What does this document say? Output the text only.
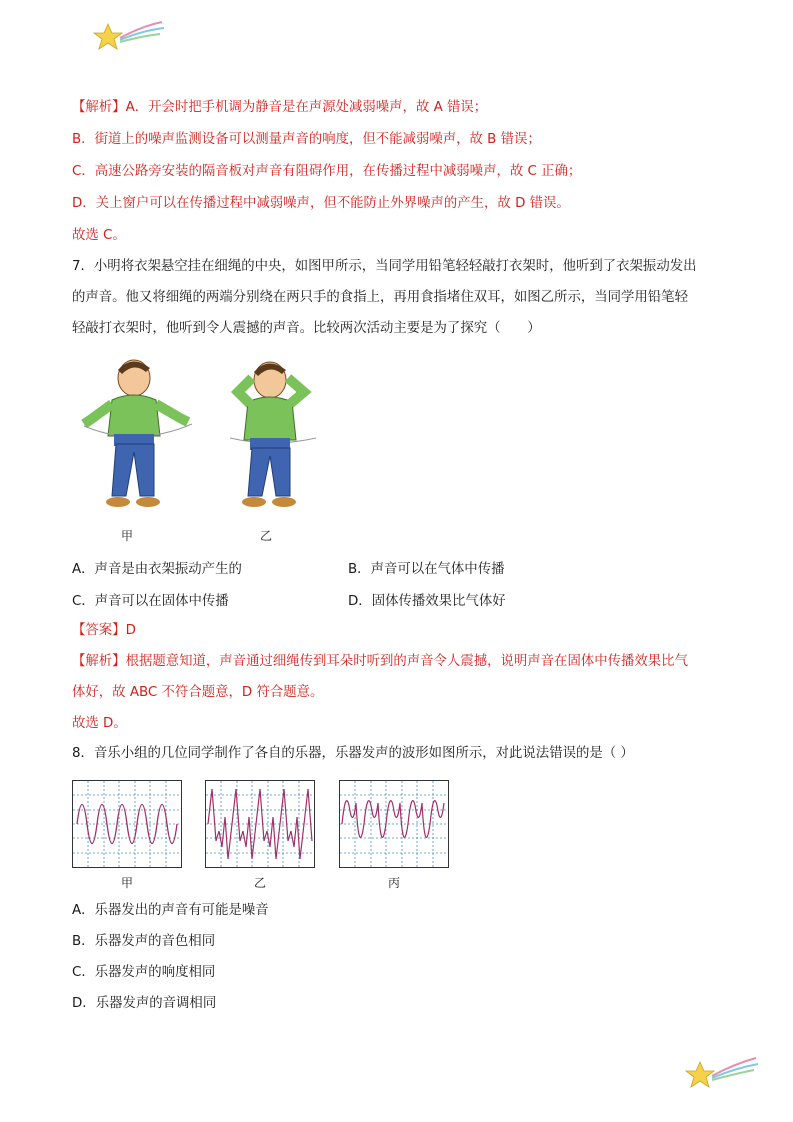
【解析】A．开会时把手机调为静音是在声源处减弱噪声，故 A 错误；
B．街道上的噪声监测设备可以测量声音的响度，但不能减弱噪声，故 B 错误；
C．高速公路旁安装的隔音板对声音有阻碍作用，在传播过程中减弱噪声，故 C 正确；
D．关上窗户可以在传播过程中减弱噪声，但不能防止外界噪声的产生，故 D 错误。
故选 C。
7．小明将衣架悬空挂在细绳的中央，如图甲所示，当同学用铅笔轻轻敲打衣架时，他听到了衣架振动发出
的声音。他又将细绳的两端分别绕在两只手的食指上，再用食指堵住双耳，如图乙所示，当同学用铅笔轻
轻敲打衣架时，他听到令人震撼的声音。比较两次活动主要是为了探究（　　）
甲	乙
A．声音是由衣架振动产生的	B．声音可以在气体中传播
C．声音可以在固体中传播	D．固体传播效果比气体好
【答案】D
【解析】根据题意知道，声音通过细绳传到耳朵时听到的声音令人震撼，说明声音在固体中传播效果比气
体好，故 ABC 不符合题意，D 符合题意。
故选 D。
8．音乐小组的几位同学制作了各自的乐器，乐器发声的波形如图所示，对此说法错误的是（ ）
甲	乙	丙
A．乐器发出的声音有可能是噪音
B．乐器发声的音色相同
C．乐器发声的响度相同
D．乐器发声的音调相同
